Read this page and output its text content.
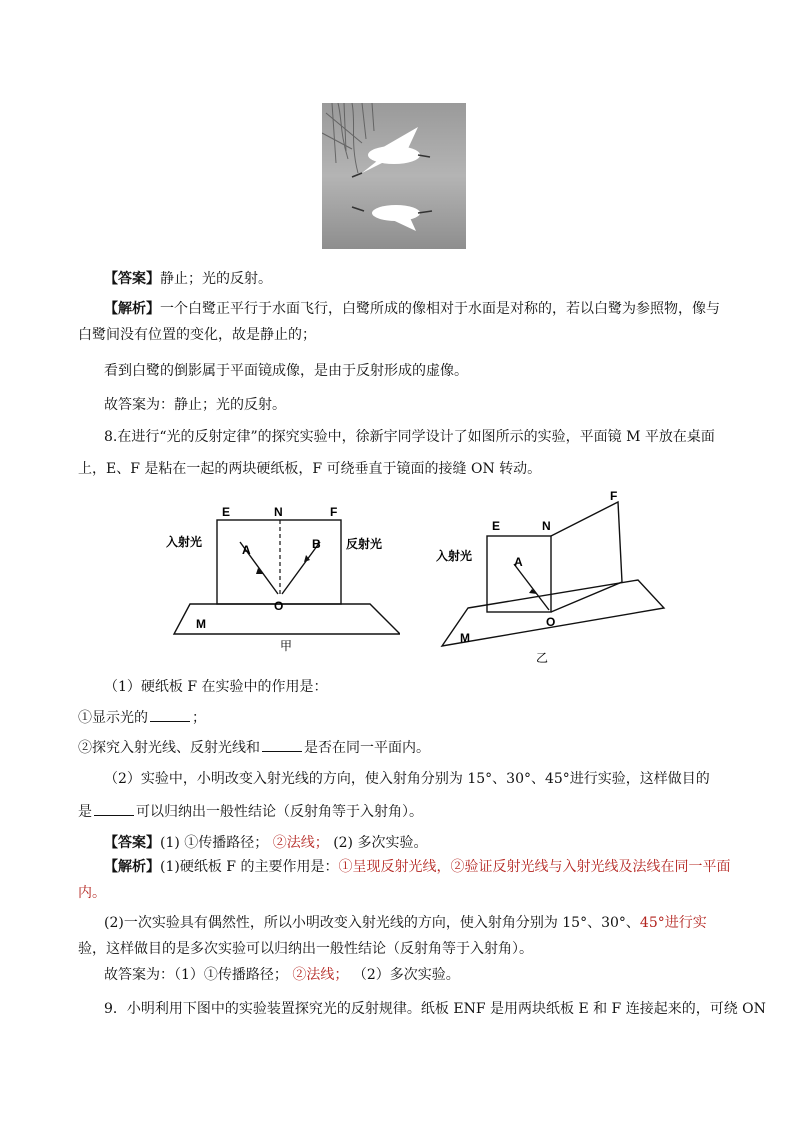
【答案】静止；光的反射。
【解析】一个白鹭正平行于水面飞行，白鹭所成的像相对于水面是对称的，若以白鹭为参照物，像与
白鹭间没有位置的变化，故是静止的；
看到白鹭的倒影属于平面镜成像，是由于反射形成的虚像。
故答案为：静止；光的反射。
8.在进行“光的反射定律”的探究实验中，徐新宇同学设计了如图所示的实验，平面镜 M 平放在桌面
上，E、F 是粘在一起的两块硬纸板，F 可绕垂直于镜面的接缝 ON 转动。
E	N	F
A	B
O
M
入射光	反射光
甲
E	N
F
A
O
M
入射光
乙
（1）硬纸板 F 在实验中的作用是：
①显示光的	；
②探究入射光线、反射光线和	是否在同一平面内。
（2）实验中，小明改变入射光线的方向，使入射角分别为 15°、30°、45°进行实验，这样做目的
是	可以归纳出一般性结论（反射角等于入射角）。
【答案】(1) ①传播路径； ②法线； (2) 多次实验。
【解析】(1)硬纸板 F 的主要作用是：①呈现反射光线，②验证反射光线与入射光线及法线在同一平面
内。
(2)一次实验具有偶然性，所以小明改变入射光线的方向，使入射角分别为 15°、30°、45°进行实
验，这样做目的是多次实验可以归纳出一般性结论（反射角等于入射角）。
故答案为：（1）①传播路径； ②法线； （2）多次实验。
9．小明利用下图中的实验装置探究光的反射规律。纸板 ENF 是用两块纸板 E 和 F 连接起来的，可绕 ON
